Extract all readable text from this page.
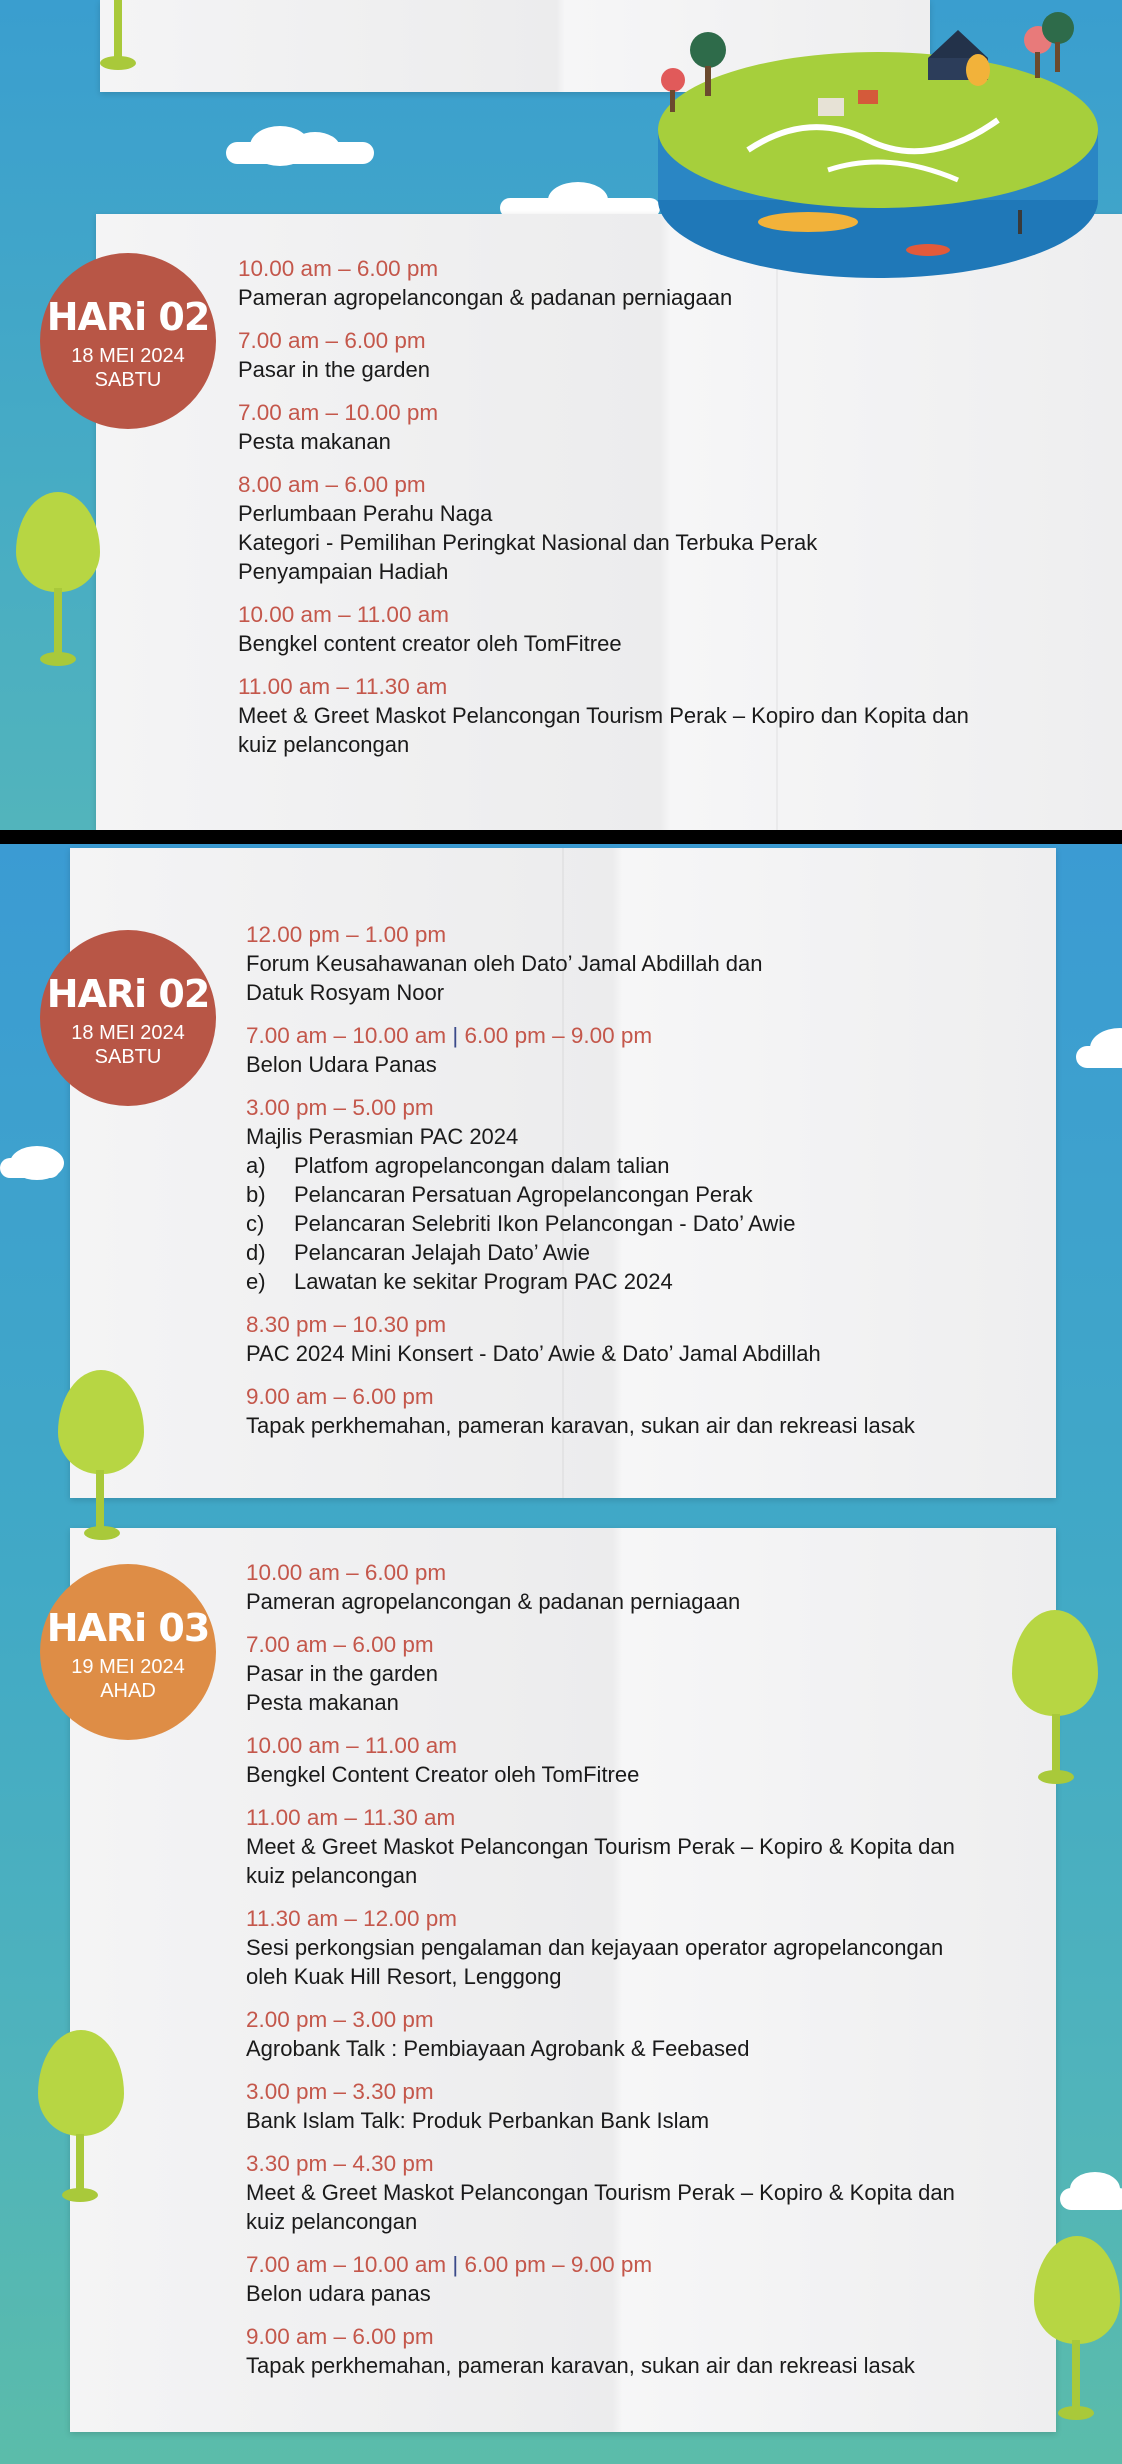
HARi 02
18 MEI 2024
SABTU
HARi 02
18 MEI 2024
SABTU
HARi 03
19 MEI 2024
AHAD
10.00 am – 6.00 pm
Pameran agropelancongan & padanan perniagaan
7.00 am – 6.00 pm
Pasar in the garden
7.00 am – 10.00 pm
Pesta makanan
8.00 am – 6.00 pm
Perlumbaan Perahu Naga
Kategori - Pemilihan Peringkat Nasional dan Terbuka Perak
Penyampaian Hadiah
10.00 am – 11.00 am
Bengkel content creator oleh TomFitree
11.00 am – 11.30 am
Meet & Greet Maskot Pelancongan Tourism Perak – Kopiro dan Kopita dan
kuiz pelancongan
12.00 pm – 1.00 pm
Forum Keusahawanan oleh Dato’ Jamal Abdillah dan
Datuk Rosyam Noor
7.00 am – 10.00 am | 6.00 pm – 9.00 pm
Belon Udara Panas
3.00 pm – 5.00 pm
Majlis Perasmian PAC 2024
a)	Platfom agropelancongan dalam talian
b)	Pelancaran Persatuan Agropelancongan Perak
c)	Pelancaran Selebriti Ikon Pelancongan - Dato’ Awie
d)	Pelancaran Jelajah Dato’ Awie
e)	Lawatan ke sekitar Program PAC 2024
8.30 pm – 10.30 pm
PAC 2024 Mini Konsert - Dato’ Awie & Dato’ Jamal Abdillah
9.00 am – 6.00 pm
Tapak perkhemahan, pameran karavan, sukan air dan rekreasi lasak
10.00 am – 6.00 pm
Pameran agropelancongan & padanan perniagaan
7.00 am – 6.00 pm
Pasar in the garden
Pesta makanan
10.00 am – 11.00 am
Bengkel Content Creator oleh TomFitree
11.00 am – 11.30 am
Meet & Greet Maskot Pelancongan Tourism Perak – Kopiro & Kopita dan
kuiz pelancongan
11.30 am – 12.00 pm
Sesi perkongsian pengalaman dan kejayaan operator agropelancongan
oleh Kuak Hill Resort, Lenggong
2.00 pm – 3.00 pm
Agrobank Talk : Pembiayaan Agrobank & Feebased
3.00 pm – 3.30 pm
Bank Islam Talk: Produk Perbankan Bank Islam
3.30 pm – 4.30 pm
Meet & Greet Maskot Pelancongan Tourism Perak – Kopiro & Kopita dan
kuiz pelancongan
7.00 am – 10.00 am | 6.00 pm – 9.00 pm
Belon udara panas
9.00 am – 6.00 pm
Tapak perkhemahan, pameran karavan, sukan air dan rekreasi lasak
